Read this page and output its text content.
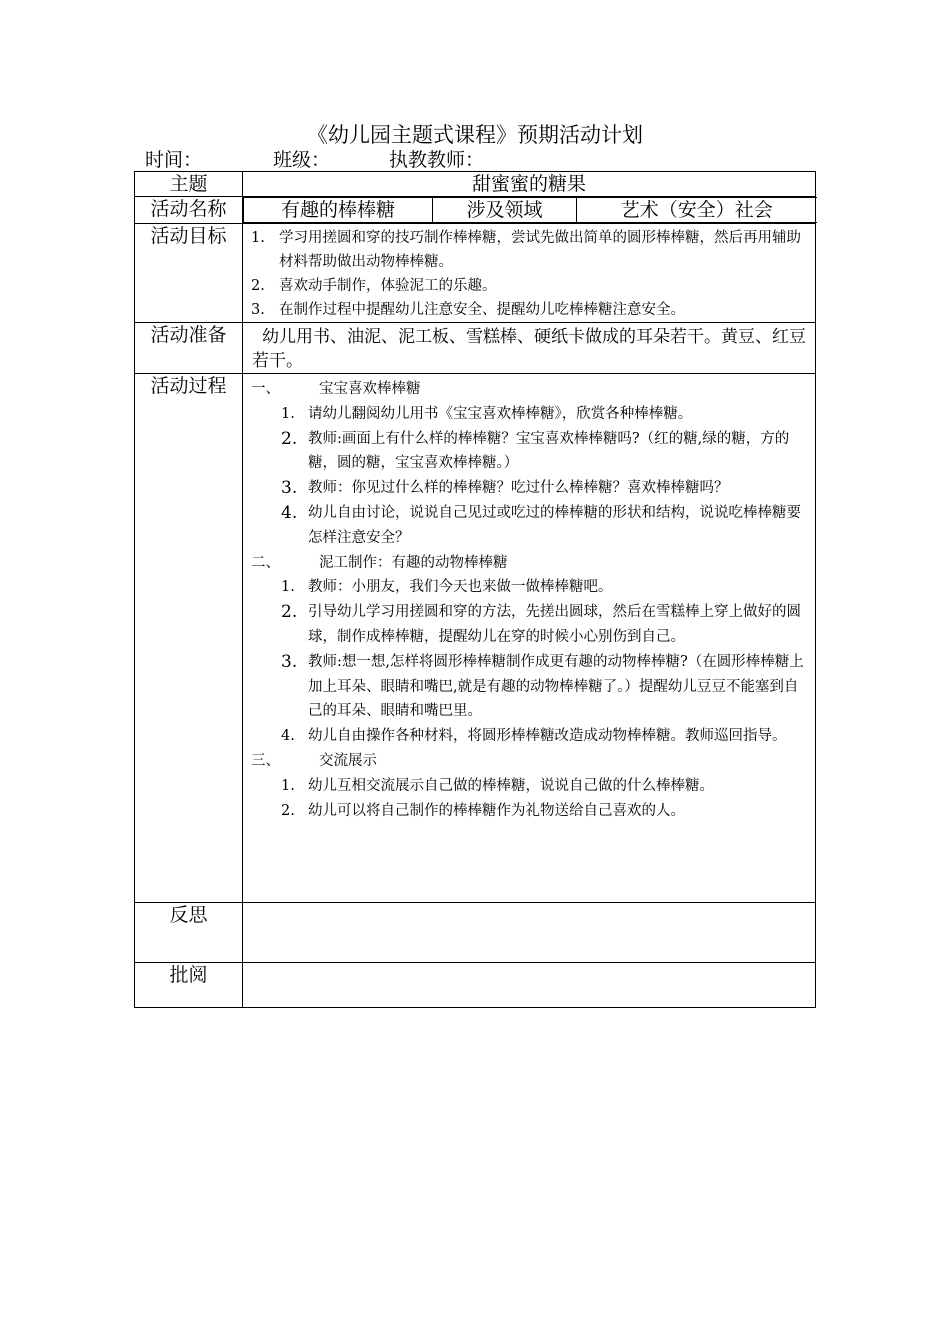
《幼儿园主题式课程》预期活动计划
时间：	班级：	执教教师：
主题	甜蜜蜜的糖果
活动名称		有趣的棒棒糖	涉及领域	艺术（安全）社会

活动目标	1. 学习用搓圆和穿的技巧制作棒棒糖，尝试先做出简单的圆形棒棒糖，然后再用辅助材料帮助做出动物棒棒糖。
2. 喜欢动手制作，体验泥工的乐趣。
3. 在制作过程中提醒幼儿注意安全、提醒幼儿吃棒棒糖注意安全。

活动准备	幼儿用书、油泥、泥工板、雪糕棒、硬纸卡做成的耳朵若干。黄豆、红豆若干。
活动过程	一、	宝宝喜欢棒棒糖
1. 请幼儿翻阅幼儿用书《宝宝喜欢棒棒糖》，欣赏各种棒棒糖。
2. 教师:画面上有什么样的棒棒糖？宝宝喜欢棒棒糖吗?（红的糖,绿的糖，方的糖，圆的糖，宝宝喜欢棒棒糖。）
3. 教师：你见过什么样的棒棒糖？吃过什么棒棒糖？喜欢棒棒糖吗？
4. 幼儿自由讨论，说说自己见过或吃过的棒棒糖的形状和结构，说说吃棒棒糖要怎样注意安全？
二、	泥工制作：有趣的动物棒棒糖
1. 教师：小朋友，我们今天也来做一做棒棒糖吧。
2. 引导幼儿学习用搓圆和穿的方法，先搓出圆球，然后在雪糕棒上穿上做好的圆球，制作成棒棒糖，提醒幼儿在穿的时候小心别伤到自己。
3. 教师:想一想,怎样将圆形棒棒糖制作成更有趣的动物棒棒糖?（在圆形棒棒糖上加上耳朵、眼睛和嘴巴,就是有趣的动物棒棒糖了。）提醒幼儿豆豆不能塞到自己的耳朵、眼睛和嘴巴里。
4. 幼儿自由操作各种材料，将圆形棒棒糖改造成动物棒棒糖。教师巡回指导。
三、	交流展示
1. 幼儿互相交流展示自己做的棒棒糖，说说自己做的什么棒棒糖。
2. 幼儿可以将自己制作的棒棒糖作为礼物送给自己喜欢的人。

反思	
批阅	
